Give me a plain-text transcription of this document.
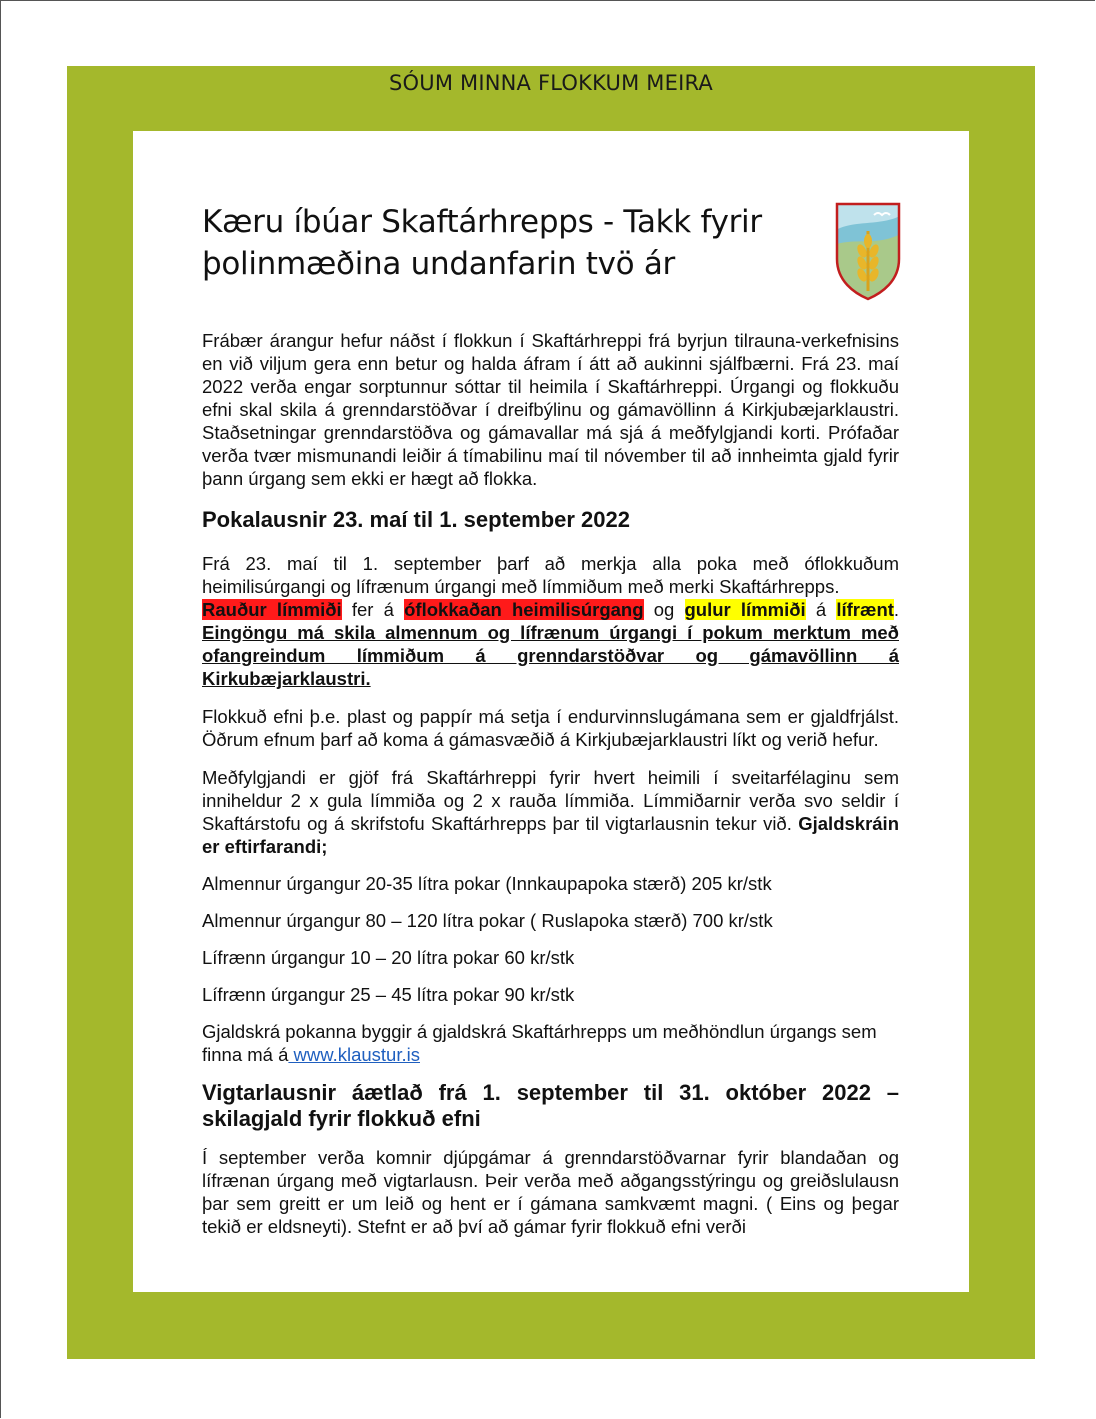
SÓUM MINNA FLOKKUM MEIRA
Kæru íbúar Skaftárhrepps - Takk fyrir þolinmæðina undanfarin tvö ár

Frábær árangur hefur náðst í flokkun í Skaftárhreppi frá byrjun tilrauna-verkefnisins en við viljum gera enn betur og halda áfram í átt að aukinni sjálfbærni. Frá 23. maí 2022 verða engar sorptunnur sóttar til heimila í Skaftárhreppi. Úrgangi og flokkuðu efni skal skila á grenndarstöðvar í dreifbýlinu og gámavöllinn á Kirkjubæjarklaustri. Staðsetningar grenndarstöðva og gámavallar má sjá á meðfylgjandi korti. Prófaðar verða tvær mismunandi leiðir á tímabilinu maí til nóvember til að innheimta gjald fyrir þann úrgang sem ekki er hægt að flokka.

Pokalausnir 23. maí til 1. september 2022

Frá 23. maí til 1. september þarf að merkja alla poka með óflokkuðum heimilisúrgangi og lífrænum úrgangi með límmiðum með merki Skaftárhrepps.
Rauður límmiði fer á óflokkaðan heimilisúrgang og gulur límmiði á lífrænt. Eingöngu má skila almennum og lífrænum úrgangi í pokum merktum með ofangreindum límmiðum á grenndarstöðvar og gámavöllinn á Kirkubæjarklaustri.

Flokkuð efni þ.e. plast og pappír má setja í endurvinnslugámana sem er gjaldfrjálst. Öðrum efnum þarf að koma á gámasvæðið á Kirkjubæjarklaustri líkt og verið hefur.

Meðfylgjandi er gjöf frá Skaftárhreppi fyrir hvert heimili í sveitarfélaginu sem inniheldur 2 x gula límmiða og 2 x rauða límmiða. Límmiðarnir verða svo seldir í Skaftárstofu og á skrifstofu Skaftárhrepps þar til vigtarlausnin tekur við. Gjaldskráin er eftirfarandi;

Almennur úrgangur 20-35 lítra pokar (Innkaupapoka stærð) 205 kr/stk

Almennur úrgangur 80 – 120 lítra pokar ( Ruslapoka stærð) 700 kr/stk

Lífrænn úrgangur 10 – 20 lítra pokar 60 kr/stk

Lífrænn úrgangur 25 – 45 lítra pokar 90 kr/stk

Gjaldskrá pokanna byggir á gjaldskrá Skaftárhrepps um meðhöndlun úrgangs sem finna má á www.klaustur.is

Vigtarlausnir áætlað frá 1. september til 31. október 2022 – skilagjald fyrir flokkuð efni

Í september verða komnir djúpgámar á grenndarstöðvarnar fyrir blandaðan og lífrænan úrgang með vigtarlausn. Þeir verða með aðgangsstýringu og greiðslulausn þar sem greitt er um leið og hent er í gámana samkvæmt magni. ( Eins og þegar tekið er eldsneyti). Stefnt er að því að gámar fyrir flokkuð efni verði
